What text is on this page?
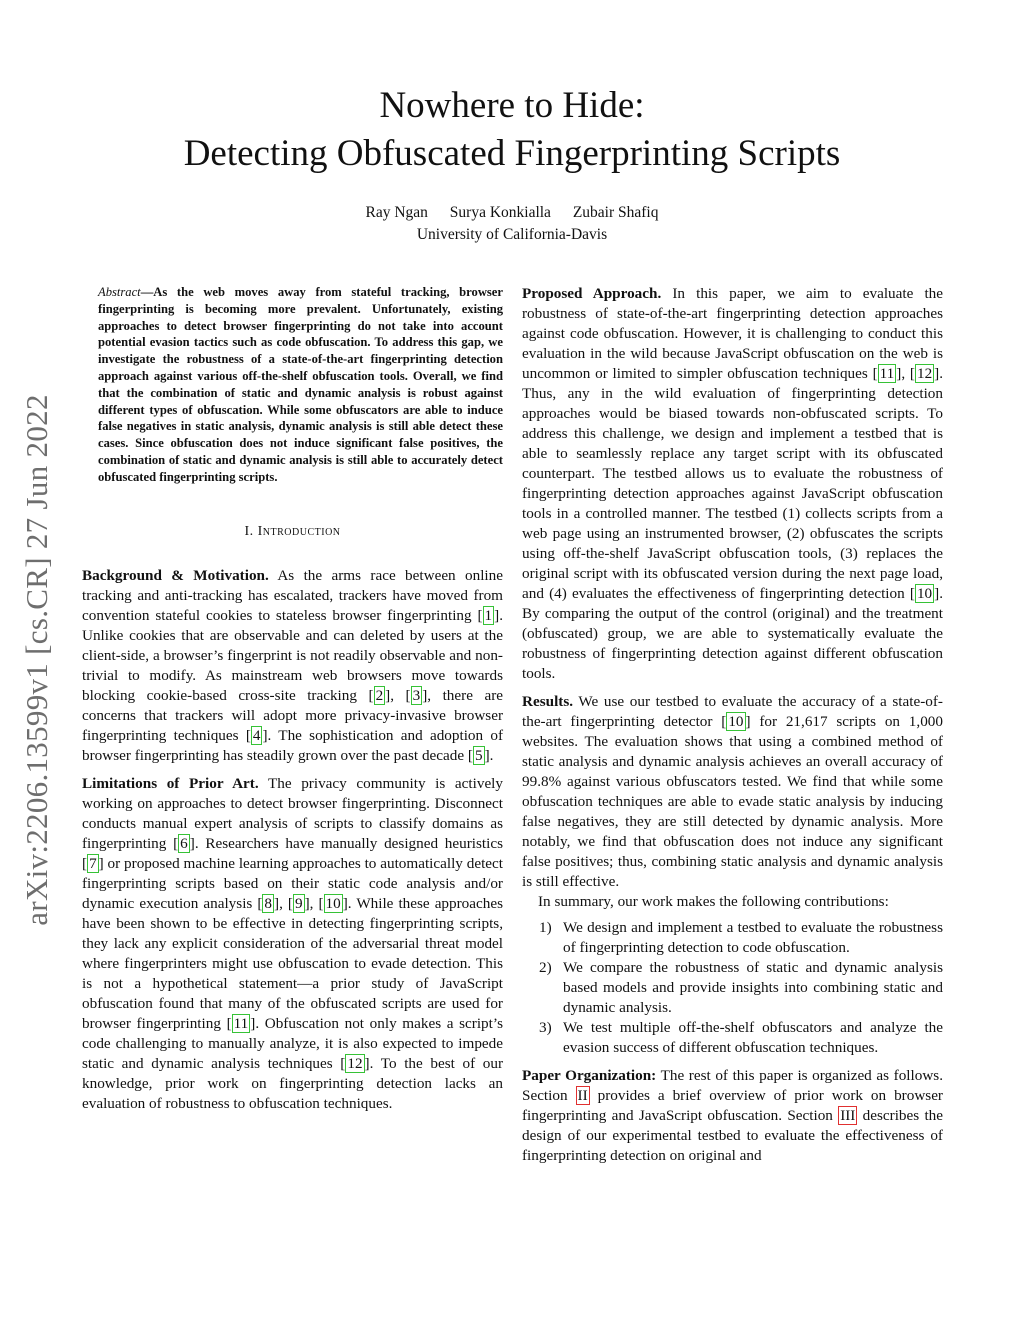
Nowhere to Hide:
Detecting Obfuscated Fingerprinting Scripts
Ray Ngan Surya Konkialla Zubair Shafiq
University of California-Davis
arXiv:2206.13599v1 [cs.CR] 27 Jun 2022
Abstract—As the web moves away from stateful tracking, browser fingerprinting is becoming more prevalent. Unfortunately, existing approaches to detect browser fingerprinting do not take into account potential evasion tactics such as code obfuscation. To address this gap, we investigate the robustness of a state-of-the-art fingerprinting detection approach against various off-the-shelf obfuscation tools. Overall, we find that the combination of static and dynamic analysis is robust against different types of obfuscation. While some obfuscators are able to induce false negatives in static analysis, dynamic analysis is still able detect these cases. Since obfuscation does not induce significant false positives, the combination of static and dynamic analysis is still able to accurately detect obfuscated fingerprinting scripts.
I. Introduction

Background & Motivation. As the arms race between online tracking and anti-tracking has escalated, trackers have moved from convention stateful cookies to stateless browser fingerprinting [ 1 ]. Unlike cookies that are observable and can deleted by users at the client-side, a browser’s fingerprint is not readily observable and non-trivial to modify. As mainstream web browsers move towards blocking cookie-based cross-site tracking [ 2 ], [ 3 ], there are concerns that trackers will adopt more privacy-invasive browser fingerprinting techniques [ 4 ]. The sophistication and adoption of browser fingerprinting has steadily grown over the past decade [ 5 ].

Limitations of Prior Art. The privacy community is actively working on approaches to detect browser fingerprinting. Disconnect conducts manual expert analysis of scripts to classify domains as fingerprinting [ 6 ]. Researchers have manually designed heuristics [ 7 ] or proposed machine learning approaches to automatically detect fingerprinting scripts based on their static code analysis and/or dynamic execution analysis [ 8 ], [ 9 ], [ 10 ]. While these approaches have been shown to be effective in detecting fingerprinting scripts, they lack any explicit consideration of the adversarial threat model where fingerprinters might use obfuscation to evade detection. This is not a hypothetical statement—a prior study of JavaScript obfuscation found that many of the obfuscated scripts are used for browser fingerprinting [ 11 ]. Obfuscation not only makes a script’s code challenging to manually analyze, it is also expected to impede static and dynamic analysis techniques [ 12 ]. To the best of our knowledge, prior work on fingerprinting detection lacks an evaluation of robustness to obfuscation techniques.

Proposed Approach. In this paper, we aim to evaluate the robustness of state-of-the-art fingerprinting detection approaches against code obfuscation. However, it is challenging to conduct this evaluation in the wild because JavaScript obfuscation on the web is uncommon or limited to simpler obfuscation techniques [ 11 ], [ 12 ]. Thus, any in the wild evaluation of fingerprinting detection approaches would be biased towards non-obfuscated scripts. To address this challenge, we design and implement a testbed that is able to seamlessly replace any target script with its obfuscated counterpart. The testbed allows us to evaluate the robustness of fingerprinting detection approaches against JavaScript obfuscation tools in a controlled manner. The testbed (1) collects scripts from a web page using an instrumented browser, (2) obfuscates the scripts using off-the-shelf JavaScript obfuscation tools, (3) replaces the original script with its obfuscated version during the next page load, and (4) evaluates the effectiveness of fingerprinting detection [ 10 ]. By comparing the output of the control (original) and the treatment (obfuscated) group, we are able to systematically evaluate the robustness of fingerprinting detection against different obfuscation tools.

Results. We use our testbed to evaluate the accuracy of a state-of-the-art fingerprinting detector [ 10 ] for 21,617 scripts on 1,000 websites. The evaluation shows that using a combined method of static analysis and dynamic analysis achieves an overall accuracy of 99.8% against various obfuscators tested. We find that while some obfuscation techniques are able to evade static analysis by inducing false negatives, they are still detected by dynamic analysis. More notably, we find that obfuscation does not induce any significant false positives; thus, combining static analysis and dynamic analysis is still effective.

In summary, our work makes the following contributions:

1) We design and implement a testbed to evaluate the robustness of fingerprinting detection to code obfuscation.
2) We compare the robustness of static and dynamic analysis based models and provide insights into combining static and dynamic analysis.
3) We test multiple off-the-shelf obfuscators and analyze the evasion success of different obfuscation techniques.

Paper Organization: The rest of this paper is organized as follows. Section II provides a brief overview of prior work on browser fingerprinting and JavaScript obfuscation. Section III describes the design of our experimental testbed to evaluate the effectiveness of fingerprinting detection on original and
